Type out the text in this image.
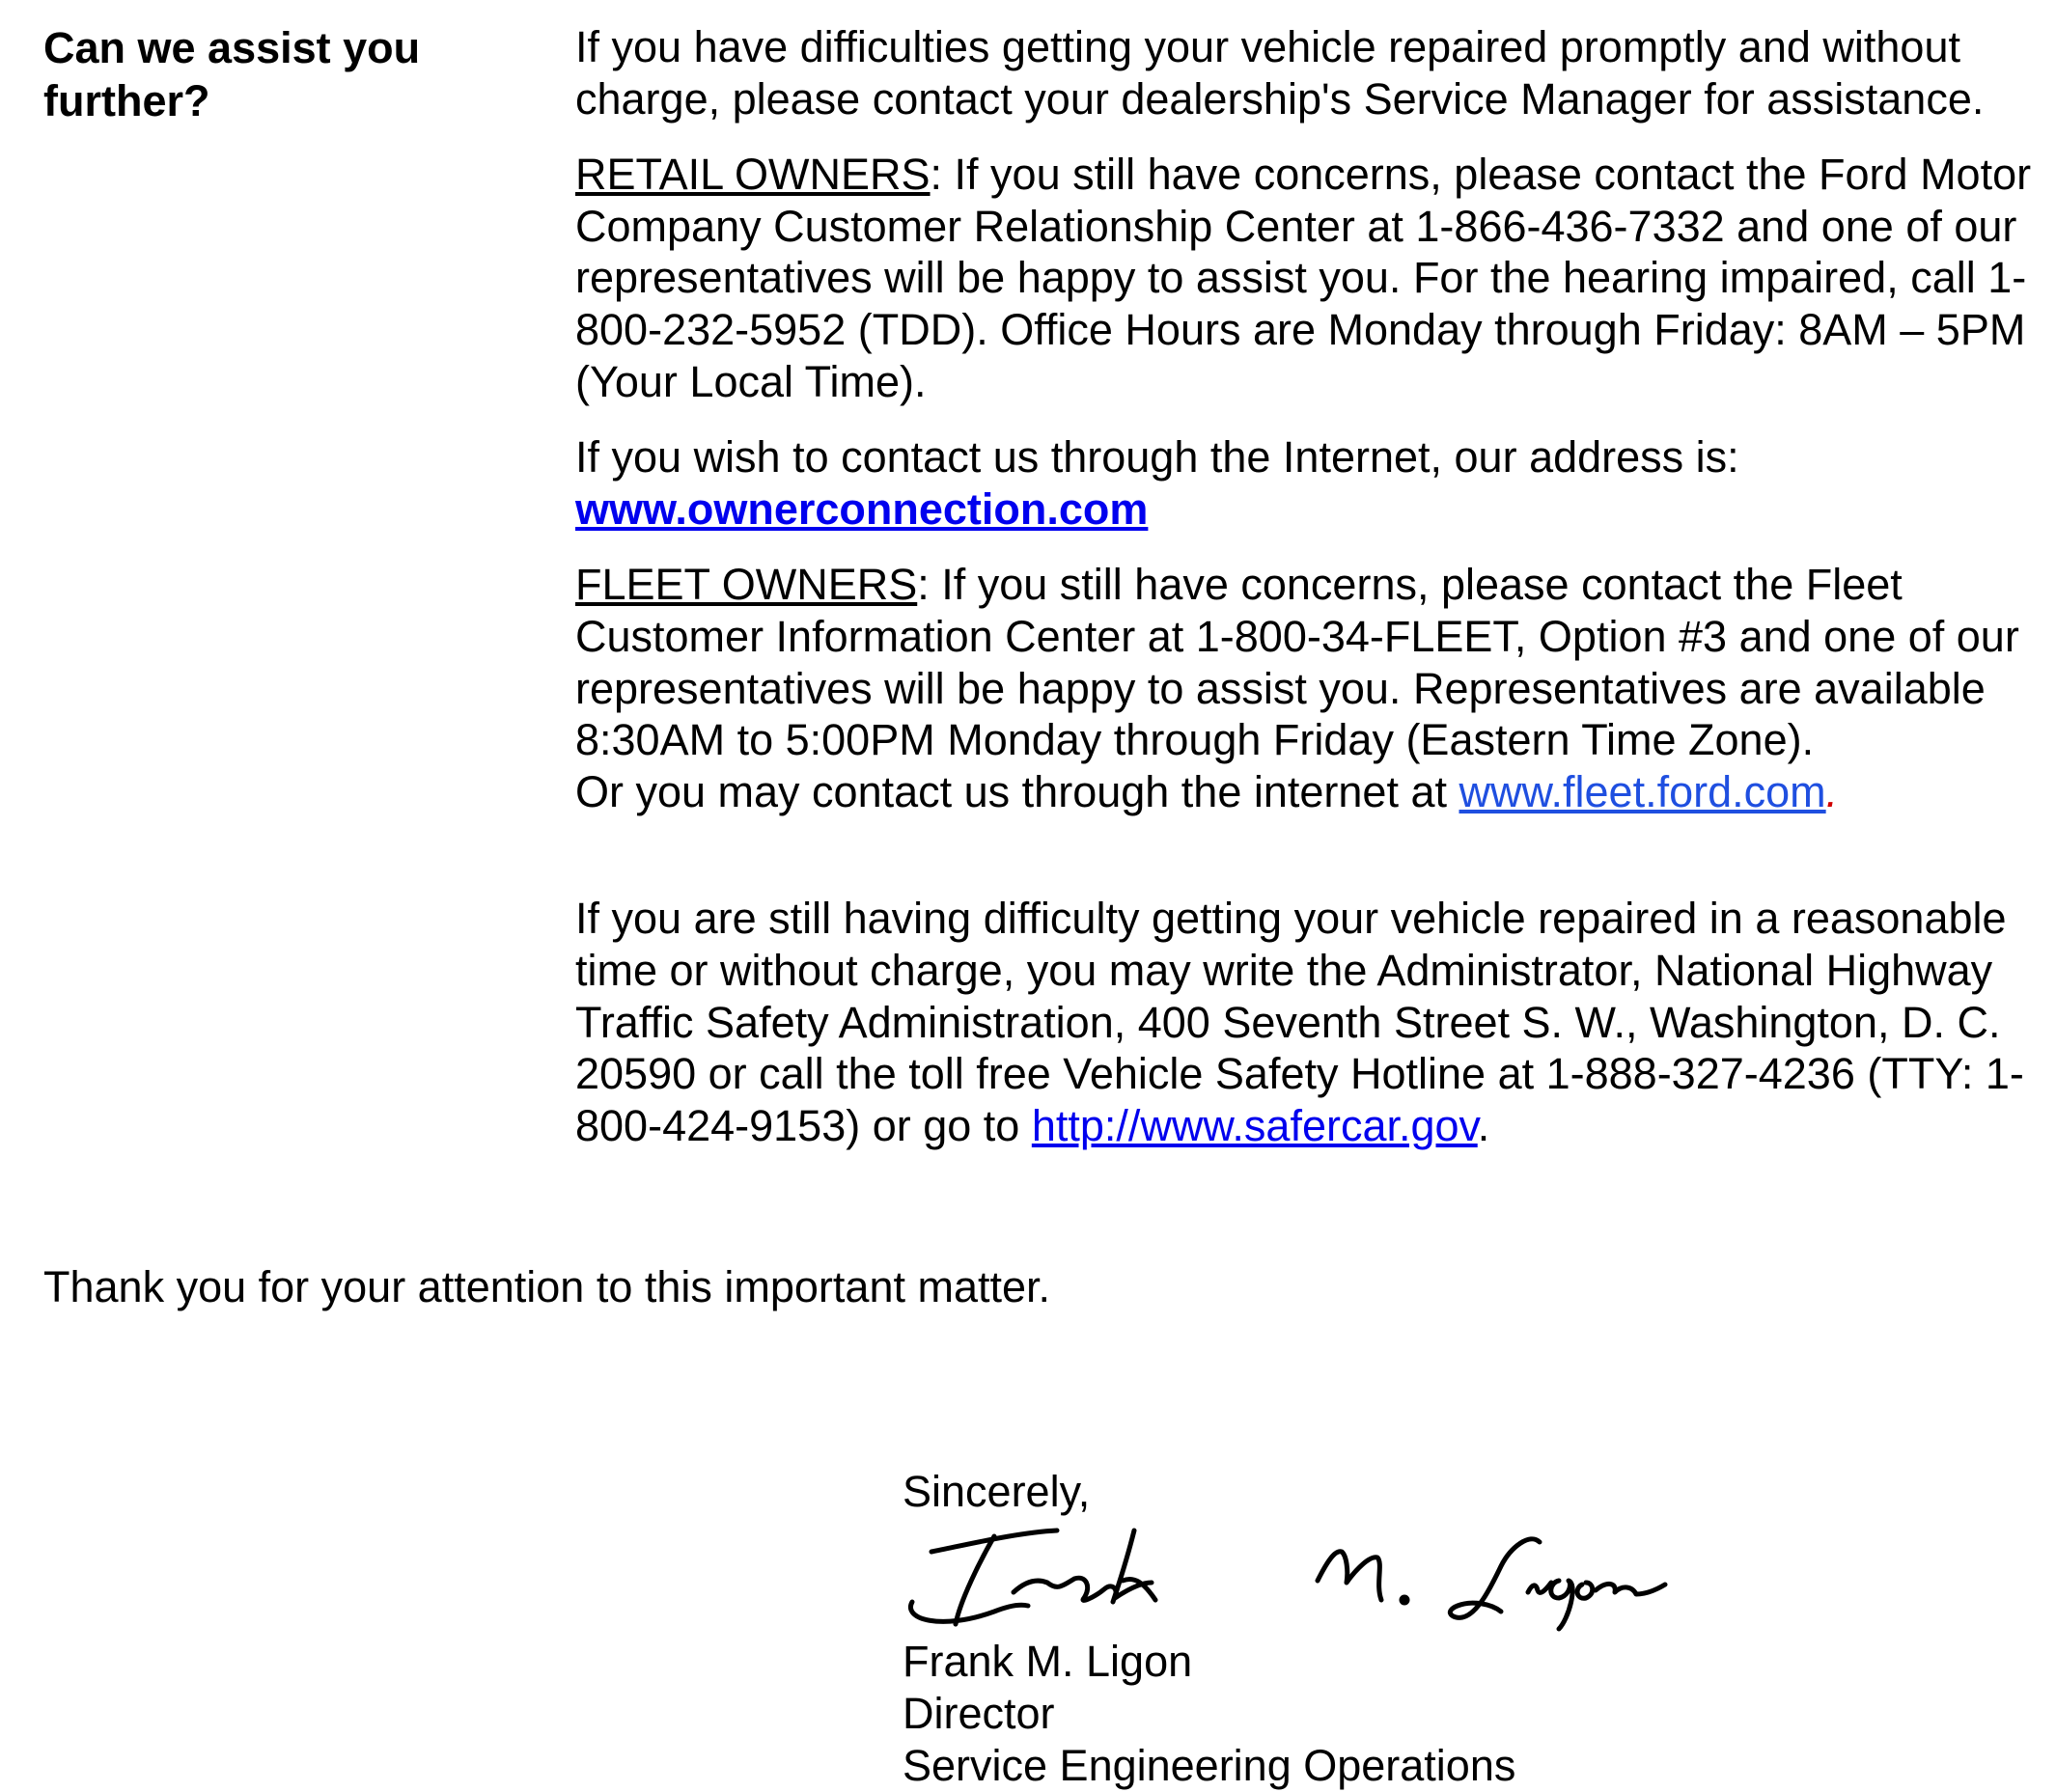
Can we assist you
further?

If you have difficulties getting your vehicle repaired promptly and without charge, please contact your dealership's Service Manager for assistance.

RETAIL OWNERS: If you still have concerns, please contact the Ford Motor Company Customer Relationship Center at 1-866-436-7332 and one of our representatives will be happy to assist you. For the hearing impaired, call 1-800-232-5952 (TDD). Office Hours are Monday through Friday: 8AM – 5PM (Your Local Time).

If you wish to contact us through the Internet, our address is:
www.ownerconnection.com

FLEET OWNERS: If you still have concerns, please contact the Fleet Customer Information Center at 1-800-34-FLEET, Option #3 and one of our representatives will be happy to assist you. Representatives are available 8:30AM to 5:00PM Monday through Friday (Eastern Time Zone).
Or you may contact us through the internet at www.fleet.ford.com.

If you are still having difficulty getting your vehicle repaired in a reasonable time or without charge, you may write the Administrator, National Highway Traffic Safety Administration, 400 Seventh Street S. W., Washington, D. C. 20590 or call the toll free Vehicle Safety Hotline at 1-888-327-4236 (TTY: 1-800-424-9153) or go to http://www.safercar.gov.

Thank you for your attention to this important matter.
Sincerely,
Frank M. Ligon
Director
Service Engineering Operations
